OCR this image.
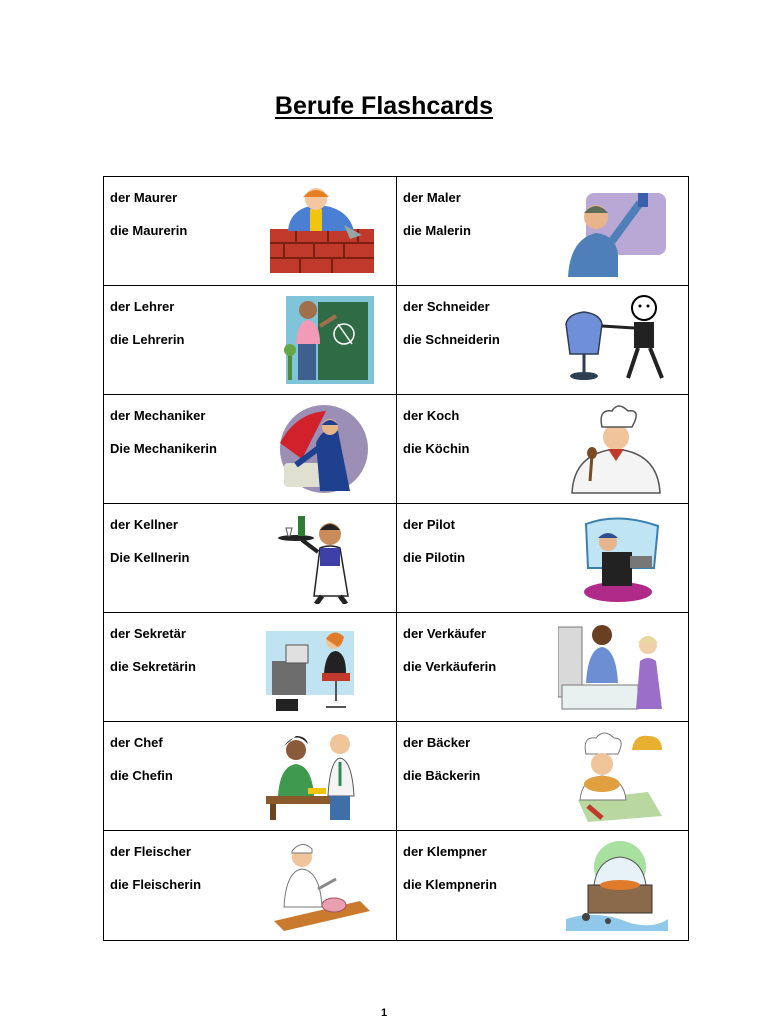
Berufe Flashcards
der Maurer
die Maurerin
der Maler
die Malerin
der Lehrer
die Lehrerin
der Schneider
die Schneiderin
der Mechaniker
Die Mechanikerin
der Koch
die Köchin
der Kellner
Die Kellnerin
der Pilot
die Pilotin
der Sekretär
die Sekretärin
der Verkäufer
die Verkäuferin
der Chef
die Chefin
der Bäcker
die Bäckerin
der Fleischer
die Fleischerin
der Klempner
die Klempnerin
1
